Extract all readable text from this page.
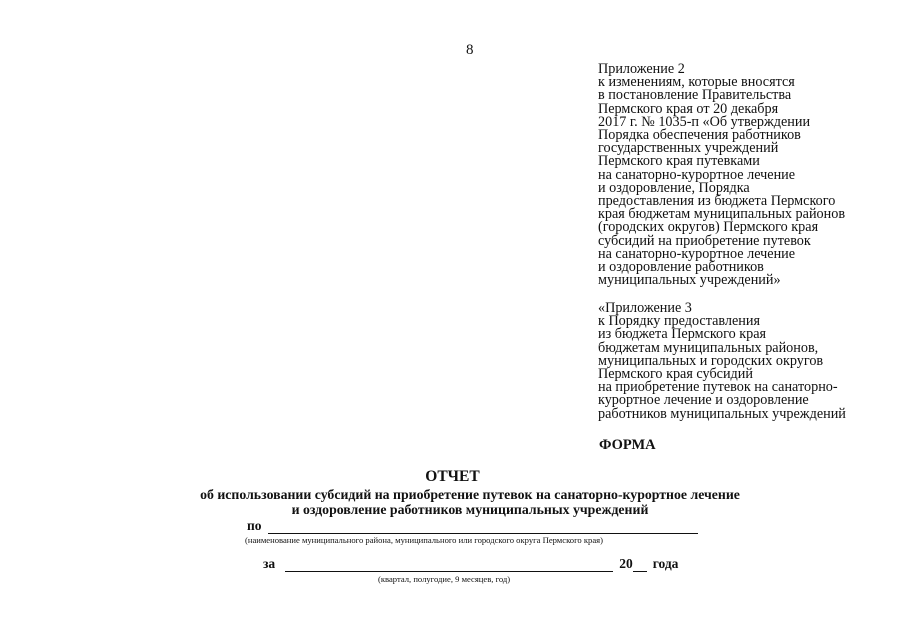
8
Приложение 2
к изменениям, которые вносятся
в постановление Правительства
Пермского края от 20 декабря
2017 г. № 1035-п «Об утверждении
Порядка обеспечения работников
государственных учреждений
Пермского края путевками
на санаторно-курортное лечение
и оздоровление, Порядка
предоставления из бюджета Пермского
края бюджетам муниципальных районов
(городских округов) Пермского края
субсидий на приобретение путевок
на санаторно-курортное лечение
и оздоровление работников
муниципальных учреждений»
«Приложение 3
к Порядку предоставления
из бюджета Пермского края
бюджетам муниципальных районов,
муниципальных и городских округов
Пермского края субсидий
на приобретение путевок на санаторно-
курортное лечение и оздоровление
работников муниципальных учреждений
ФОРМА
ОТЧЕТ
об использовании субсидий на приобретение путевок на санаторно-курортное лечение
и оздоровление работников муниципальных учреждений
по
(наименование муниципального района, муниципального или городского округа Пермского края)
за	20 года
(квартал, полугодие, 9 месяцев, год)
